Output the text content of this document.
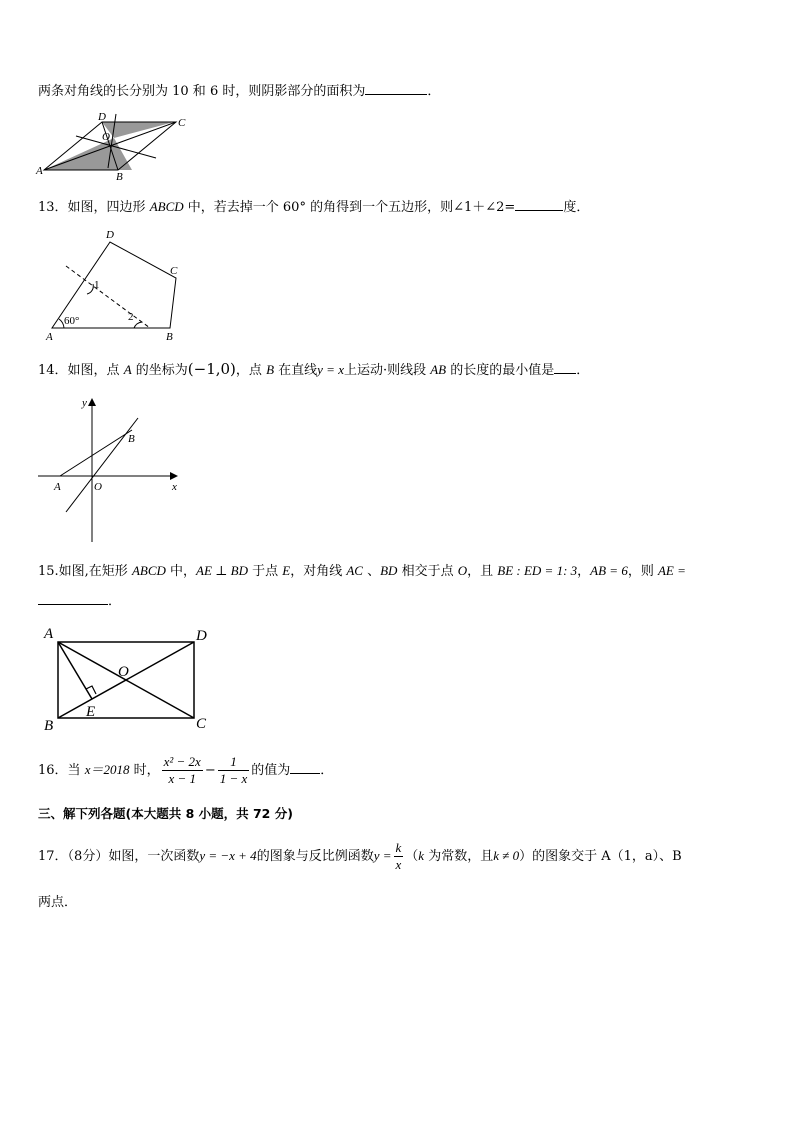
两条对角线的长分别为 10 和 6 时，则阴影部分的面积为	．
A	B
C
D
O
13．如图，四边形 ABCD 中，若去掉一个 60° 的角得到一个五边形，则∠1＋∠2=	度．
A	B
C
D
1
2
60°
14．如图，点 A 的坐标为(−1,0)，点 B 在直线y = x上运动·则线段 AB 的长度的最小值是 ．
x
y
A	O
B
15.如图,在矩形 ABCD 中，AE ⊥ BD 于点 E，对角线 AC 、BD 相交于点 O，且 BE : ED = 1: 3，AB = 6，则 AE =
．
A
B	C
D
E
O
16．当 x＝2018 时， $\frac{\text{x² − 2x}}{x - 1} - \frac{1}{1 - x}$ 的值为 ．
三、解下列各题(本大题共 8 小题，共 72 分)
17．（8分）如图，一次函数y = −x + 4的图象与反比例函数$y = \frac{k}{x} (k$ 为常数，且k ≠ 0）的图象交于 A（1，a）、B
两点．
